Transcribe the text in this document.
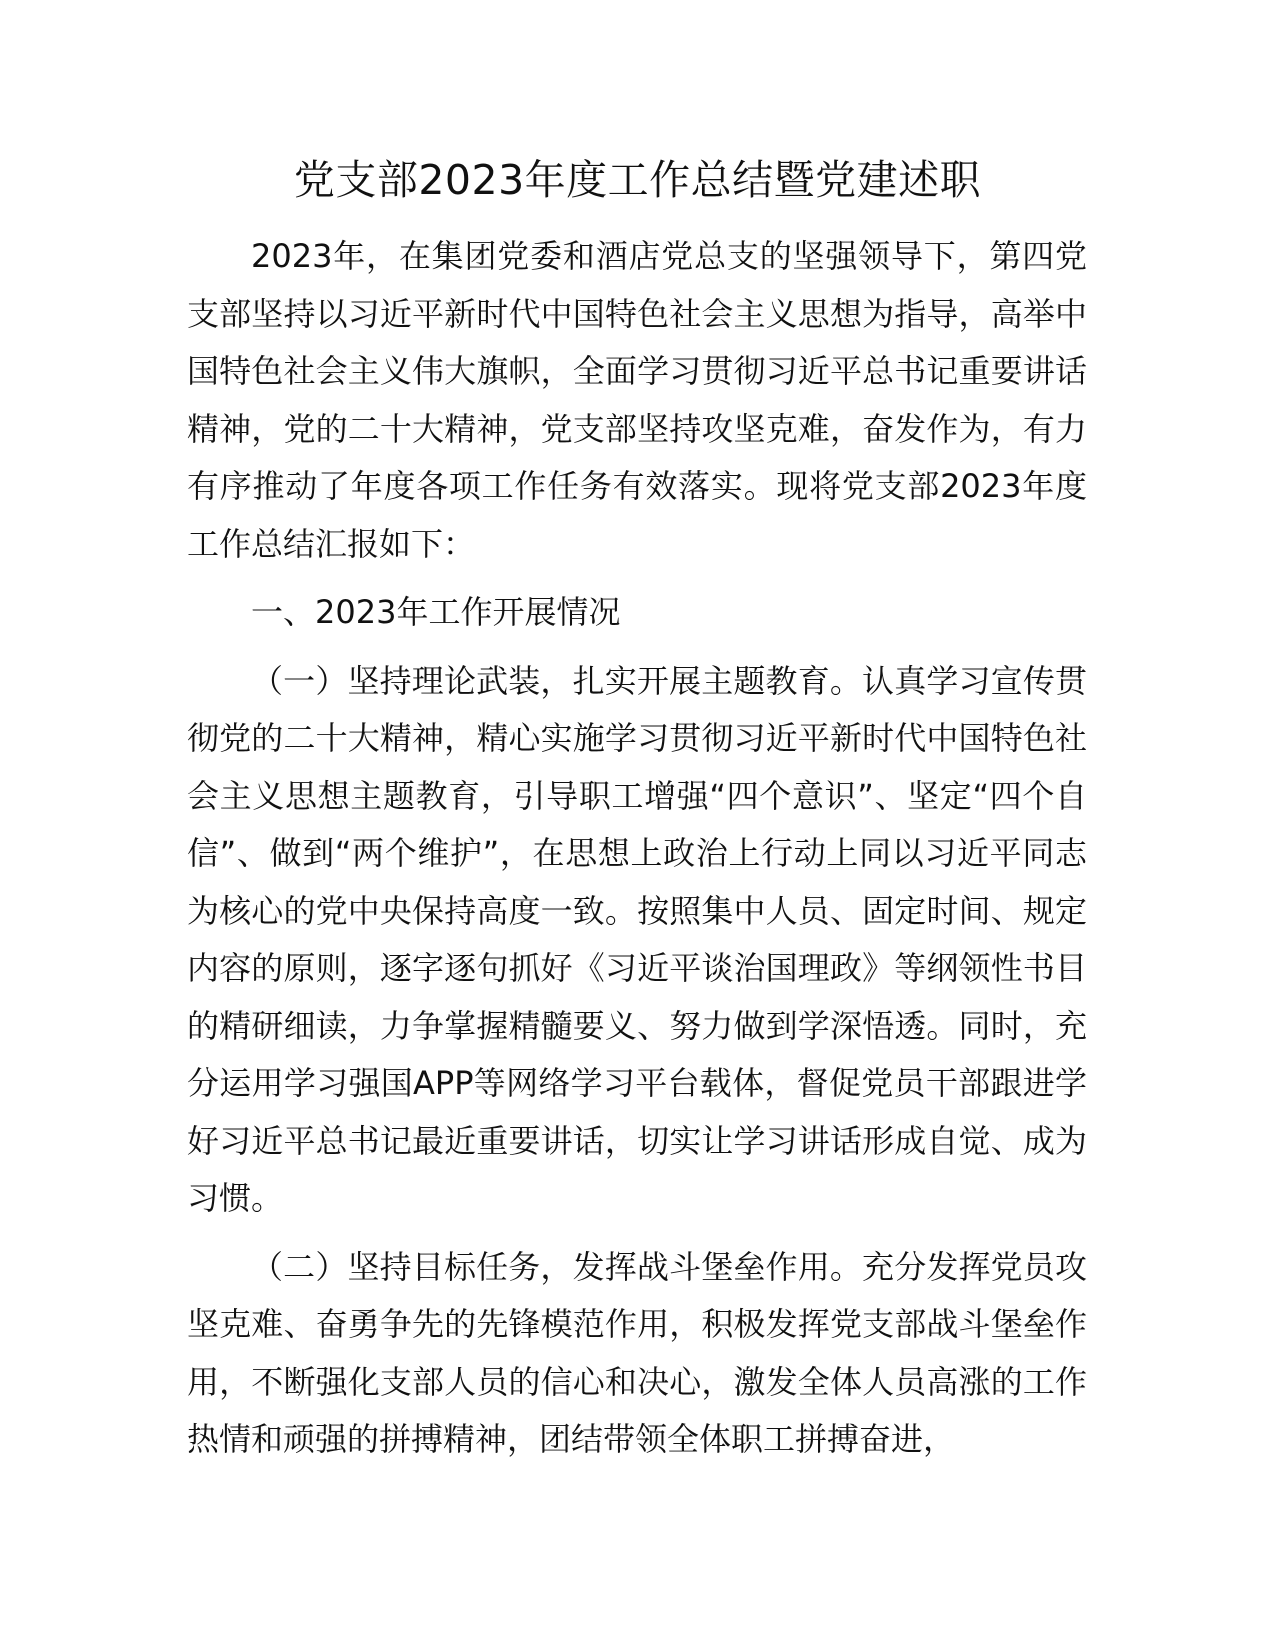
党支部2023年度工作总结暨党建述职

2023年，在集团党委和酒店党总支的坚强领导下，第四党支部坚持以习近平新时代中国特色社会主义思想为指导，高举中国特色社会主义伟大旗帜，全面学习贯彻习近平总书记重要讲话精神，党的二十大精神，党支部坚持攻坚克难，奋发作为，有力有序推动了年度各项工作任务有效落实。现将党支部2023年度工作总结汇报如下：

一、2023年工作开展情况

（一）坚持理论武装，扎实开展主题教育。认真学习宣传贯彻党的二十大精神，精心实施学习贯彻习近平新时代中国特色社会主义思想主题教育，引导职工增强“四个意识”、坚定“四个自信”、做到“两个维护”，在思想上政治上行动上同以习近平同志为核心的党中央保持高度一致。按照集中人员、固定时间、规定内容的原则，逐字逐句抓好《习近平谈治国理政》等纲领性书目的精研细读，力争掌握精髓要义、努力做到学深悟透。同时，充分运用学习强国APP等网络学习平台载体，督促党员干部跟进学好习近平总书记最近重要讲话，切实让学习讲话形成自觉、成为习惯。

（二）坚持目标任务，发挥战斗堡垒作用。充分发挥党员攻坚克难、奋勇争先的先锋模范作用，积极发挥党支部战斗堡垒作用，不断强化支部人员的信心和决心，激发全体人员高涨的工作热情和顽强的拼搏精神，团结带领全体职工拼搏奋进，
